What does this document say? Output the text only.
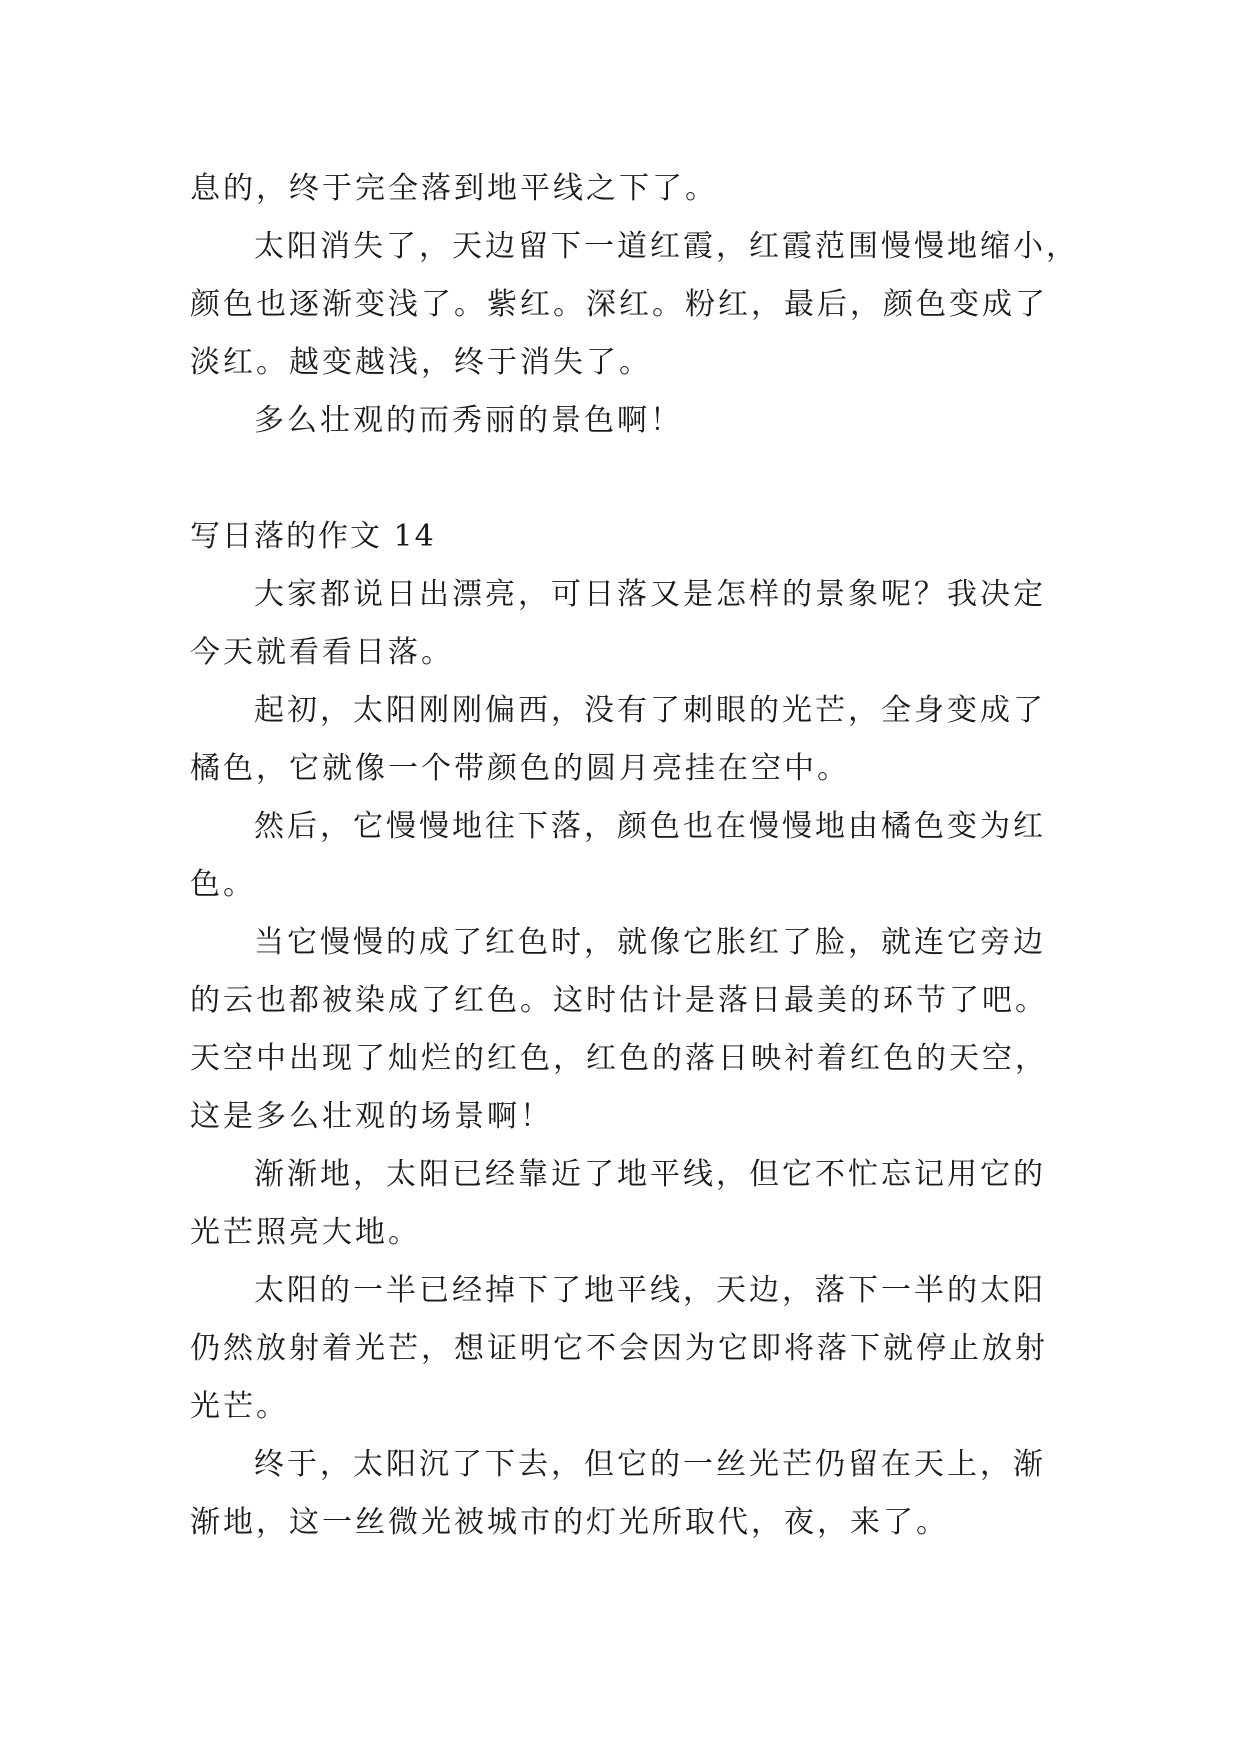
息的，终于完全落到地平线之下了。
太阳消失了，天边留下一道红霞，红霞范围慢慢地缩小，
颜色也逐渐变浅了。紫红。深红。粉红，最后，颜色变成了
淡红。越变越浅，终于消失了。
多么壮观的而秀丽的景色啊！
写日落的作文 14
大家都说日出漂亮，可日落又是怎样的景象呢？我决定
今天就看看日落。
起初，太阳刚刚偏西，没有了刺眼的光芒，全身变成了
橘色，它就像一个带颜色的圆月亮挂在空中。
然后，它慢慢地往下落，颜色也在慢慢地由橘色变为红
色。
当它慢慢的成了红色时，就像它胀红了脸，就连它旁边
的云也都被染成了红色。这时估计是落日最美的环节了吧。
天空中出现了灿烂的红色，红色的落日映衬着红色的天空，
这是多么壮观的场景啊！
渐渐地，太阳已经靠近了地平线，但它不忙忘记用它的
光芒照亮大地。
太阳的一半已经掉下了地平线，天边，落下一半的太阳
仍然放射着光芒，想证明它不会因为它即将落下就停止放射
光芒。
终于，太阳沉了下去，但它的一丝光芒仍留在天上，渐
渐地，这一丝微光被城市的灯光所取代，夜，来了。
